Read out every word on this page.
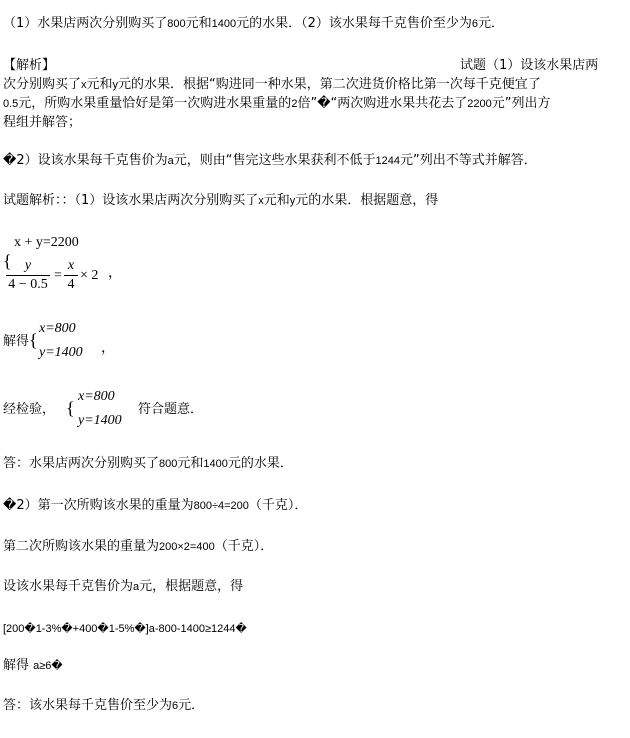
（1）水果店两次分别购买了800元和1400元的水果．（2）该水果每千克售价至少为6元．
【解析】	试题（1）设该水果店两
次分别购买了x元和y元的水果．根据“购进同一种水果，第二次进货价格比第一次每千克便宜了
0.5元，所购水果重量恰好是第一次购进水果重量的2倍”�“两次购进水果共花去了2200元”列出方
程组并解答；
�2）设该水果每千克售价为a元，则由“售完这些水果获利不低于1244元”列出不等式并解答．
试题解析：：（1）设该水果店两次分别购买了x元和y元的水果．根据题意，得
{
x + y=2200
y
4 − 0.5
=
x
4
× 2 ，
解得 {
x=800
y=1400 ，
经检验， {
x=800
y=1400
符合题意．
答：水果店两次分别购买了800元和1400元的水果．
�2）第一次所购该水果的重量为800÷4=200（千克）．
第二次所购该水果的重量为200×2=400（千克）．
设该水果每千克售价为a元，根据题意，得
[200�1-3%�+400�1-5%�]a-800-1400≥1244�
解得 a≥6�
答：该水果每千克售价至少为6元．
